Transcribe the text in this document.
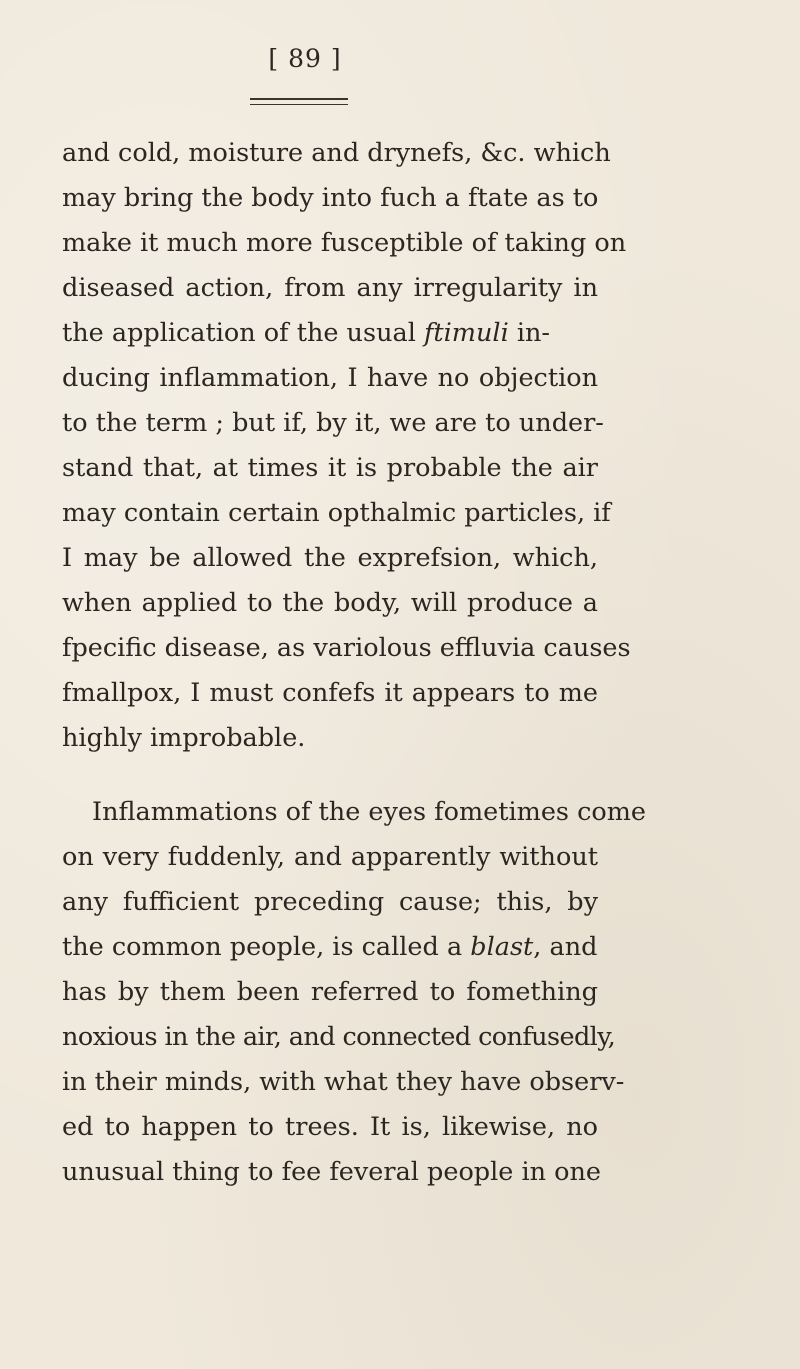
[ 89 ]
and cold, moisture and drynefs, &c. which
may bring the body into fuch a ftate as to
make it much more fusceptible of taking on
diseased action, from any irregularity in
the application of the usual ftimuli in-
ducing inflammation, I have no objection
to the term ; but if, by it, we are to under-
stand that, at times it is probable the air
may contain certain opthalmic particles, if
I may be allowed the exprefsion, which,
when applied to the body, will produce a
fpecific disease, as variolous effluvia causes
fmallpox, I must confefs it appears to me
highly improbable.
Inflammations of the eyes fometimes come
on very fuddenly, and apparently without
any fufficient preceding cause; this, by
the common people, is called a blast, and
has by them been referred to fomething
noxious in the air, and connected confusedly,
in their minds, with what they have observ-
ed to happen to trees. It is, likewise, no
unusual thing to fee feveral people in one
